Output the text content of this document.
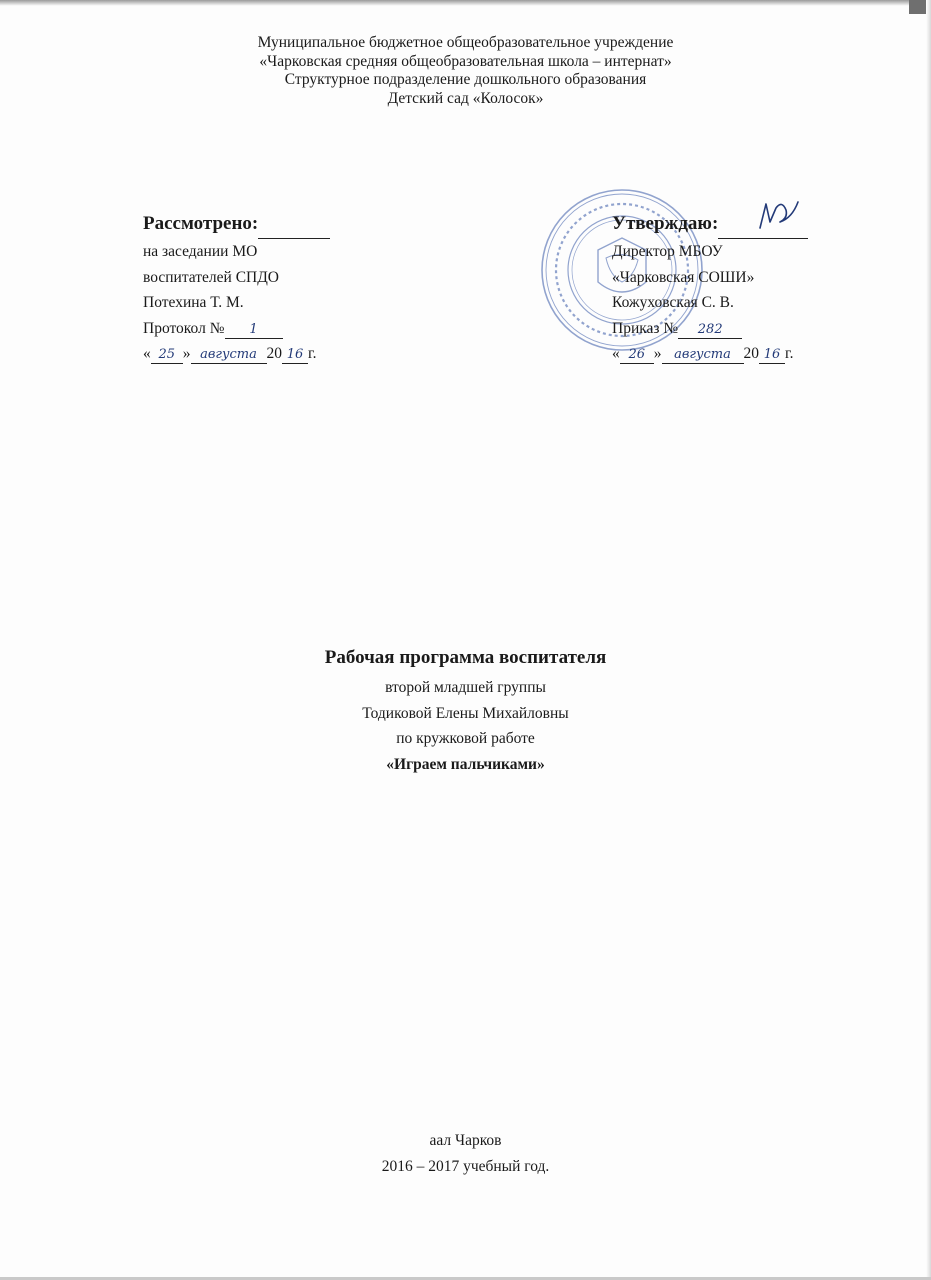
Муниципальное бюджетное общеобразовательное учреждение
«Чарковская средняя общеобразовательная школа – интернат»
Структурное подразделение дошкольного образования
Детский сад «Колосок»
Рассмотрено:
на заседании МО
воспитателей СПДО
Потехина Т. М.
Протокол № 1
« 25 » августа 20 16 г.
Утверждаю:
Директор МБОУ
«Чарковская СОШИ»
Кожуховская С. В.
Приказ № 282
« 26 » августа 20 16 г.
Рабочая программа воспитателя
второй младшей группы
Тодиковой Елены Михайловны
по кружковой работе
«Играем пальчиками»
аал Чарков
2016 – 2017 учебный год.
